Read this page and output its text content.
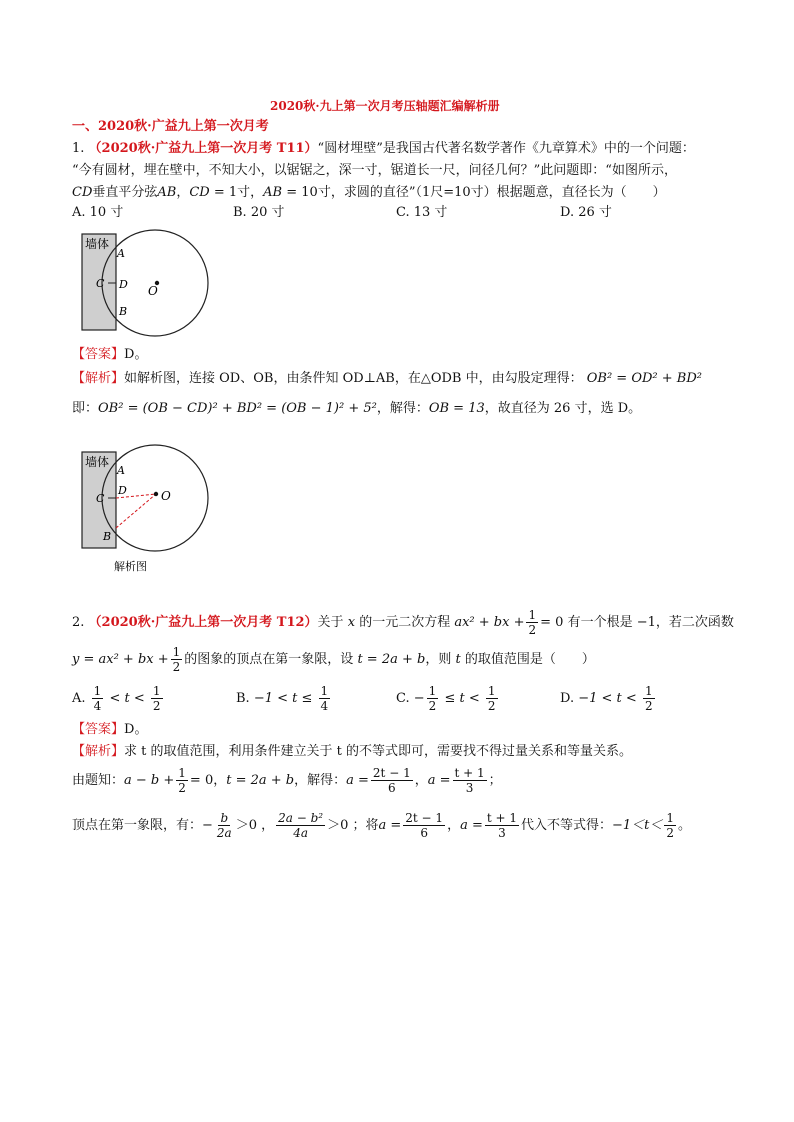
2020秋·九上第一次月考压轴题汇编解析册
一、2020秋·广益九上第一次月考
1. （2020秋·广益九上第一次月考 T11）“圆材埋壁”是我国古代著名数学著作《九章算术》中的一个问题：
“今有圆材，埋在壁中，不知大小，以锯锯之，深一寸，锯道长一尺，问径几何？”此问题即：“如图所示，
CD垂直平分弦AB，CD = 1寸，AB = 10寸，求圆的直径”（1尺=10寸）根据题意，直径长为（　　）
A. 10 寸	B. 20 寸	C. 13 寸	D. 26 寸
墙体
A
C D O
B
【答案】D。
【解析】如解析图，连接 OD、OB，由条件知 OD⊥AB，在△ODB 中，由勾股定理得： OB² = OD² + BD²
即：OB² = (OB − CD)² + BD² = (OB − 1)² + 5²，解得：OB = 13，故直径为 26 寸，选 D。
墙体
A
C
D	O
B
解析图
2. （2020秋·广益九上第一次月考 T12）关于 x 的一元二次方程 ax² + bx + $\frac{1}{2} = 0$ 有一个根是 −1，若二次函数
y = ax² + bx + $\frac{1}{2}$ 的图象的顶点在第一象限，设 t = 2a + b，则 t 的取值范围是（　　）
A. $\frac{1}{4} < t < \frac{1}{2}$	B. $-1 < t \le \frac{1}{4}$	C. − $\frac{1}{2} \le t < \frac{1}{2}$	D. $-1 < t < \frac{1}{2}$
【答案】D。
【解析】求 t 的取值范围，利用条件建立关于 t 的不等式即可，需要找不得过量关系和等量关系。
由题知：$a - b + \frac{1}{2} = 0$，t = 2a + b，解得：$a = \frac{2t - 1}{6}$ ，$a = \frac{t + 1}{3}$ ；
顶点在第一象限，有：− $\frac{b}{2a} >0$ ， $\frac{\text{2a − b²}}{4a} >0$ ；将$a = \frac{2t - 1}{6}$ ，$a = \frac{t + 1}{3}$ 代入不等式得：$-1<t< \frac{1}{2}$ 。
